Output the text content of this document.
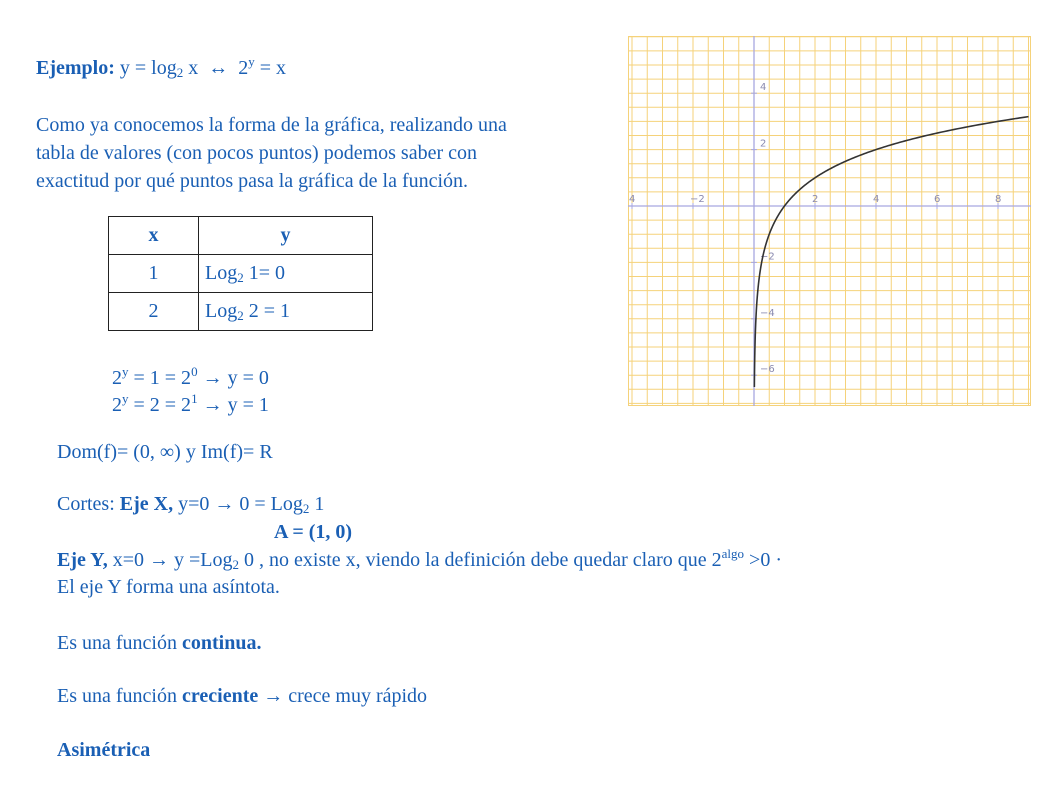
Ejemplo: $y = \log_2 x$ ↔ $2^y = x$
Como ya conocemos la forma de la gráfica, realizando una
tabla de valores (con pocos puntos) podemos saber con
exactitud por qué puntos pasa la gráfica de la función.
x	y
1	Log$_2$ 1= 0
2	Log$_2$ 2 = 1
$2^y = 1 = 2^0 \to y = 0$
$2^y = 2 = 2^1 \to y = 1$
Dom(f)= (0, ∞) y Im(f)= R
Cortes: Eje X, y=0 → 0 = Log$_2$ 1
A = (1, 0)
Eje Y, x=0 → y =Log$_2$ 0 , no existe x, viendo la definición debe quedar claro que $2^{algo} >0$ ·
El eje Y forma una asíntota.
Es una función continua.
Es una función creciente → crece muy rápido
Asimétrica
4	−2	2	4	6	8
4
2
−2
−4
−6
